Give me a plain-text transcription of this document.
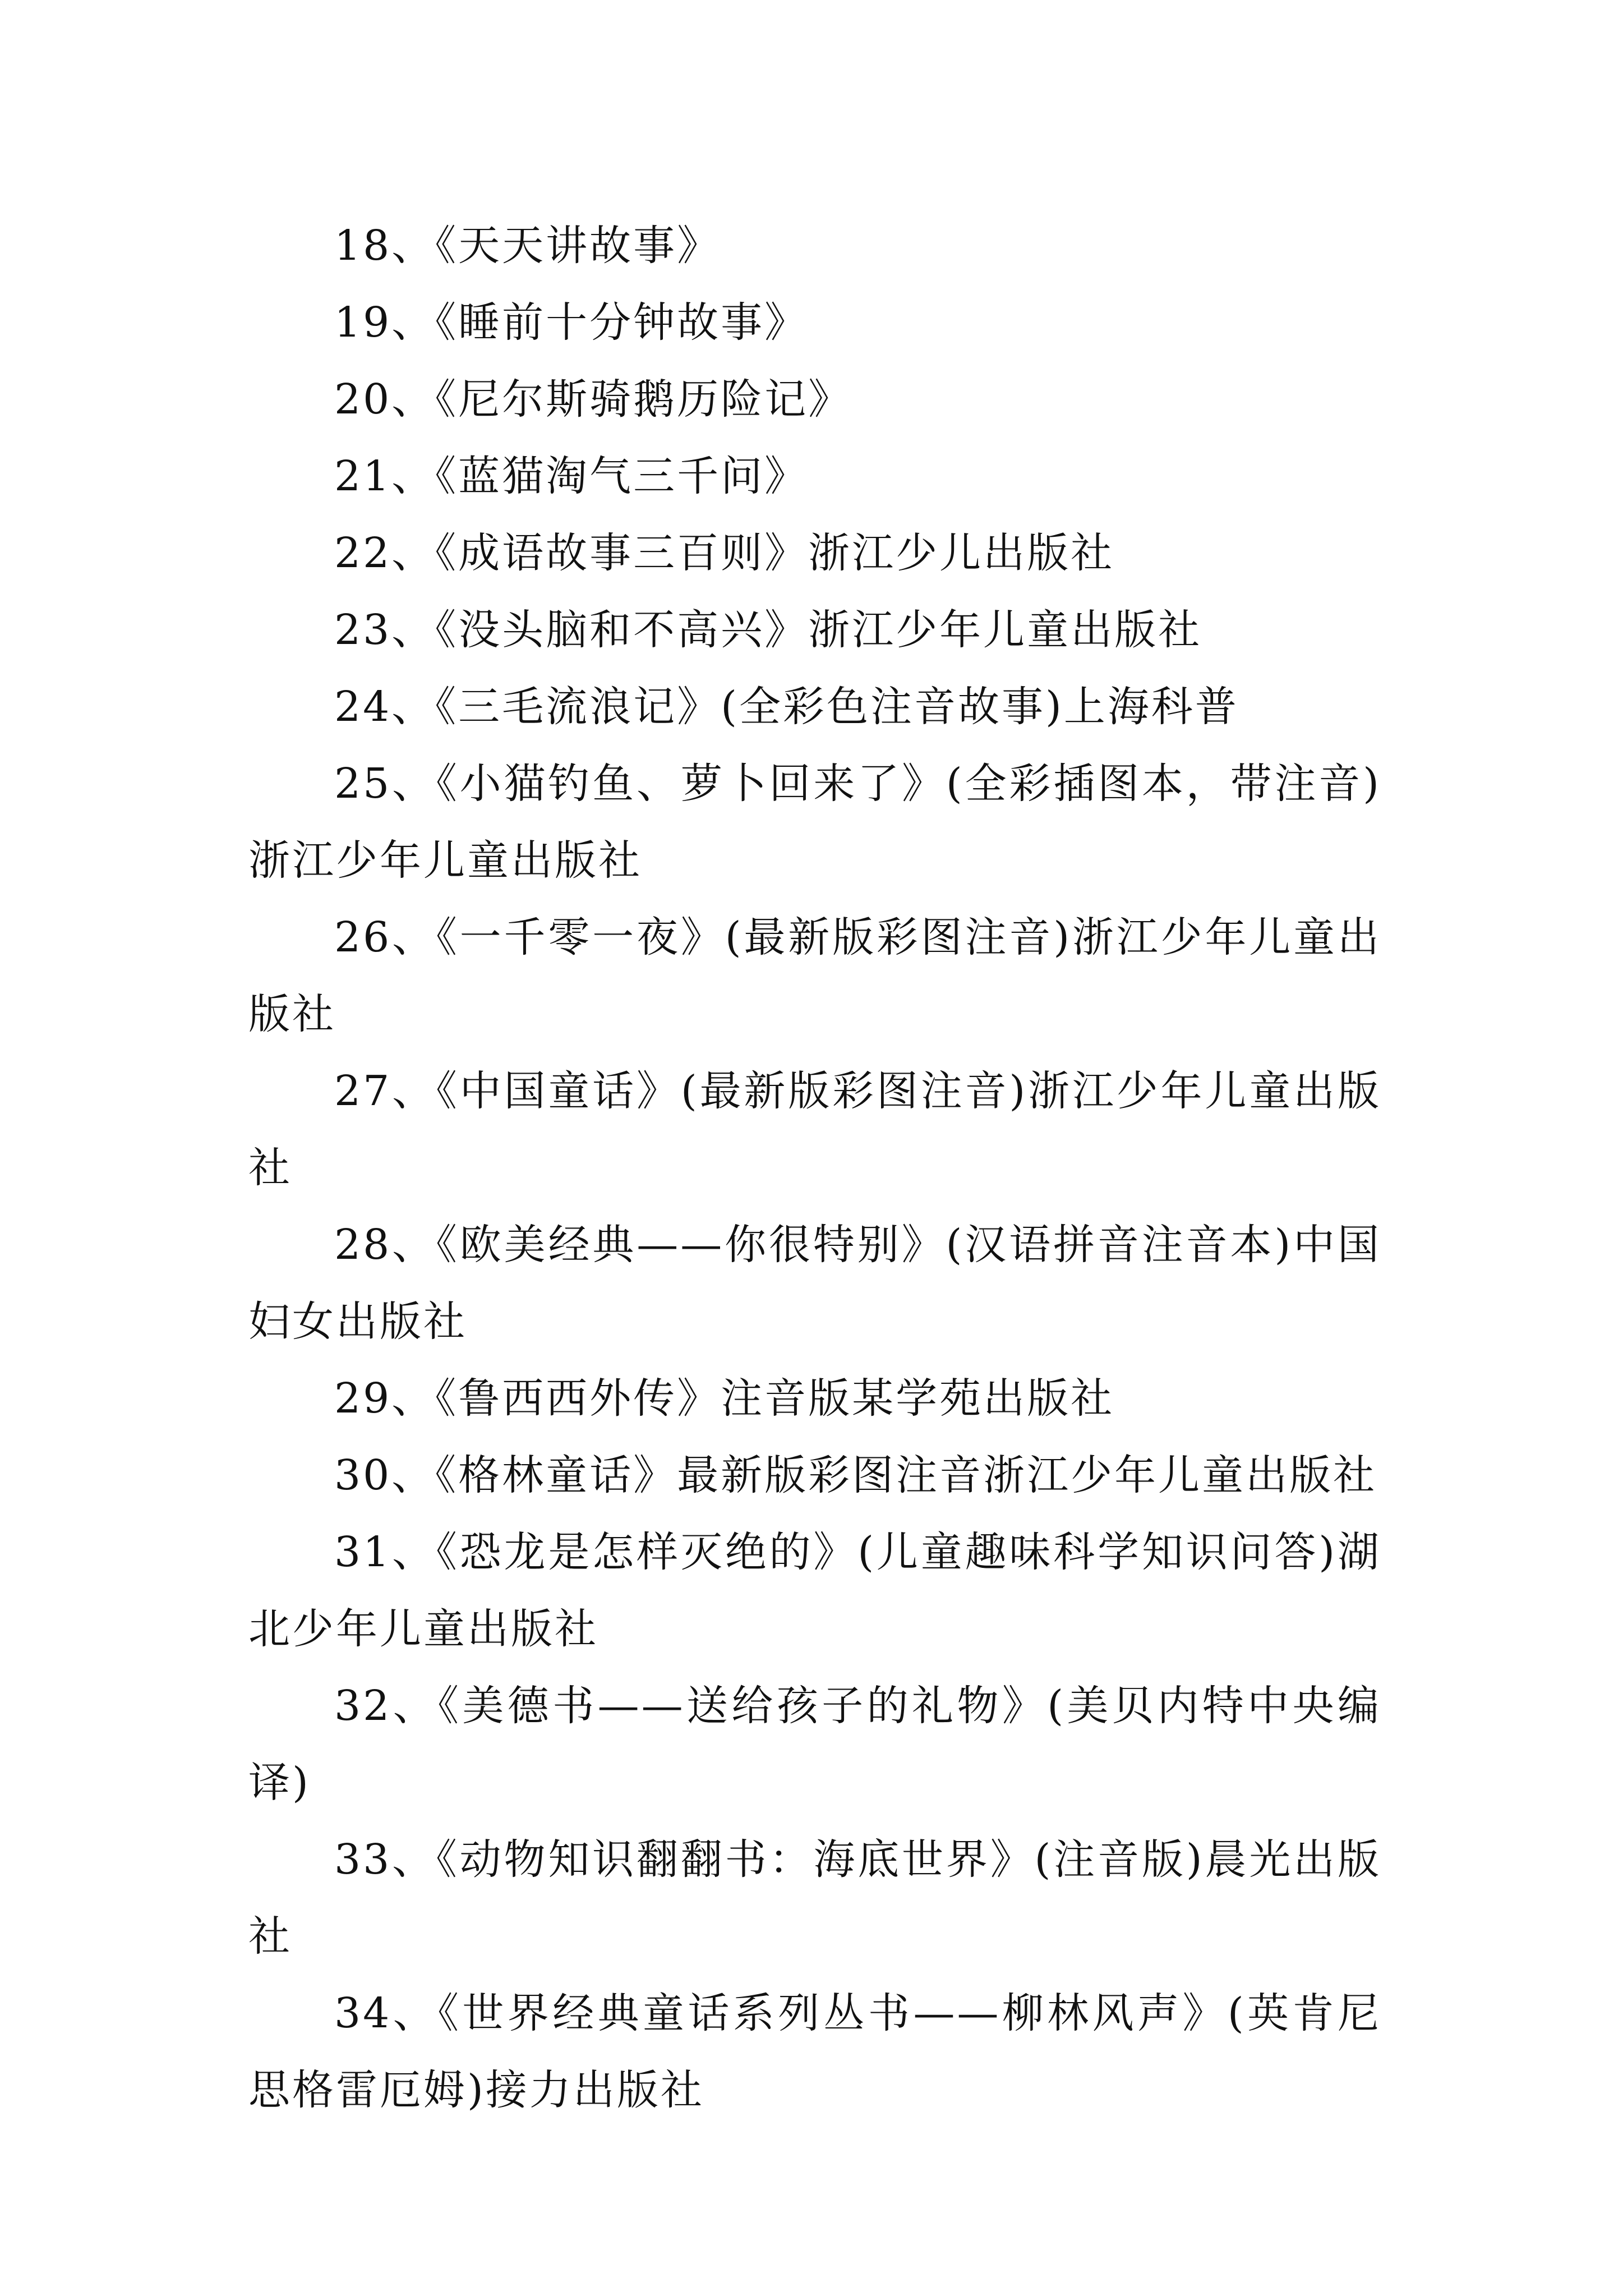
18、《天天讲故事》

19、《睡前十分钟故事》

20、《尼尔斯骑鹅历险记》

21、《蓝猫淘气三千问》

22、《成语故事三百则》浙江少儿出版社

23、《没头脑和不高兴》浙江少年儿童出版社

24、《三毛流浪记》(全彩色注音故事)上海科普

25、《小猫钓鱼、萝卜回来了》(全彩插图本，带注音)浙江少年儿童出版社

26、《一千零一夜》(最新版彩图注音)浙江少年儿童出版社

27、《中国童话》(最新版彩图注音)浙江少年儿童出版社

28、《欧美经典——你很特别》(汉语拼音注音本)中国妇女出版社

29、《鲁西西外传》注音版某学苑出版社

30、《格林童话》最新版彩图注音浙江少年儿童出版社

31、《恐龙是怎样灭绝的》(儿童趣味科学知识问答)湖北少年儿童出版社

32、《美德书——送给孩子的礼物》(美贝内特中央编译)

33、《动物知识翻翻书：海底世界》(注音版)晨光出版社

34、《世界经典童话系列丛书——柳林风声》(英肯尼思格雷厄姆)接力出版社
